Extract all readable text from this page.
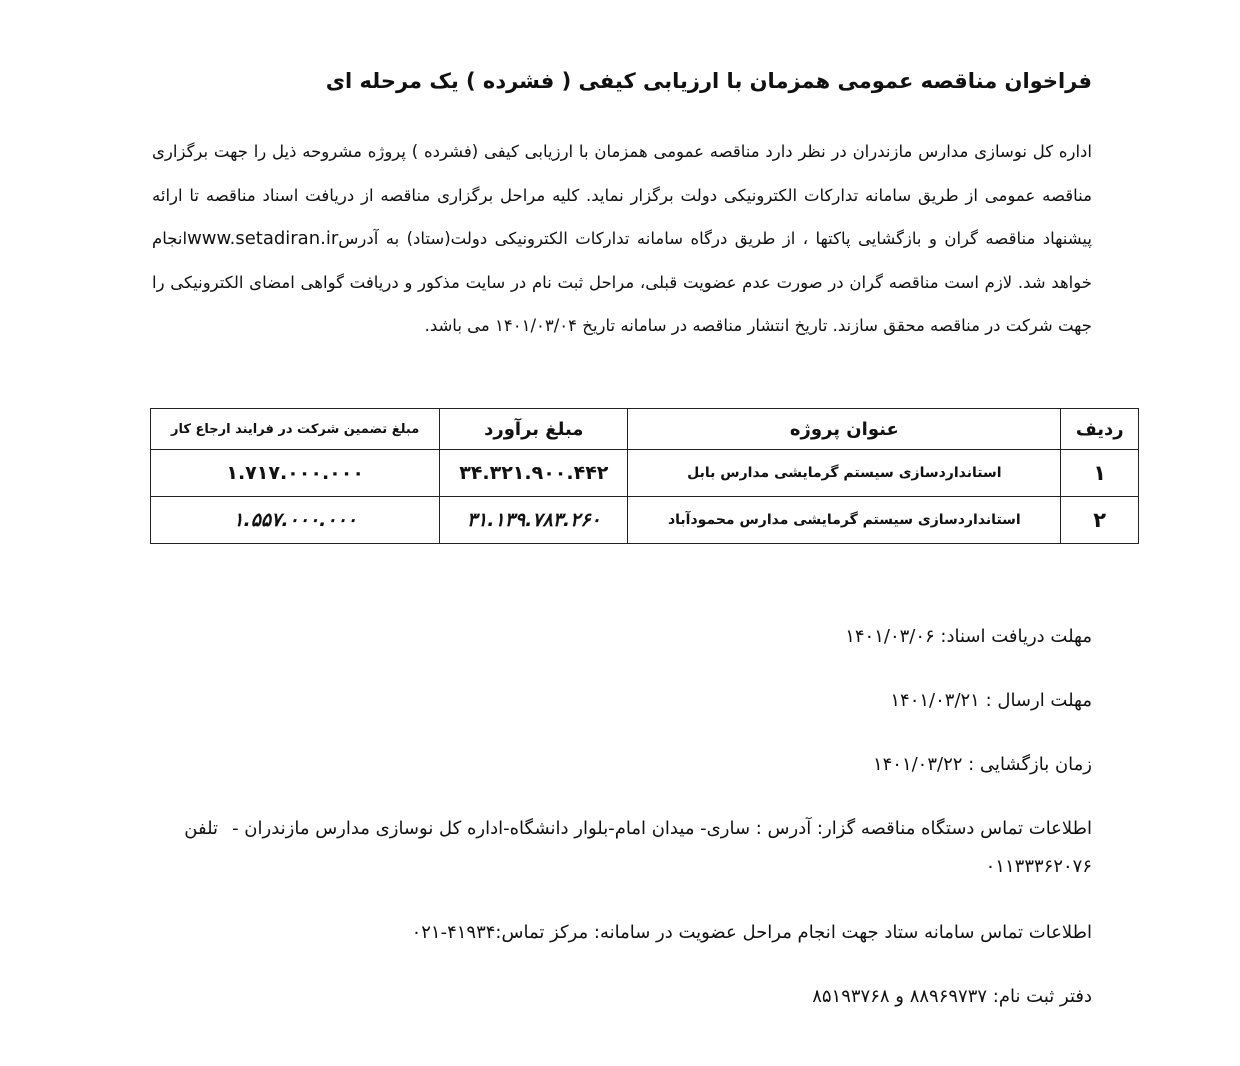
فراخوان مناقصه عمومی همزمان با ارزیابی کیفی ( فشرده ) یک مرحله ای
اداره کل نوسازی مدارس مازندران در نظر دارد مناقصه عمومی همزمان با ارزیابی کیفی (فشرده ) پروژه مشروحه ذیل را جهت برگزاری مناقصه عمومی از طریق سامانه تدارکات الکترونیکی دولت برگزار نماید. کلیه مراحل برگزاری مناقصه از دریافت اسناد مناقصه تا ارائه پیشنهاد مناقصه گران و بازگشایی پاکتها ، از طریق درگاه سامانه تدارکات الکترونیکی دولت(ستاد) به آدرسwww.setadiran.irانجام خواهد شد. لازم است مناقصه گران در صورت عدم عضویت قبلی، مراحل ثبت نام در سایت مذکور و دریافت گواهی امضای الکترونیکی را جهت شرکت در مناقصه محقق سازند. تاریخ انتشار مناقصه در سامانه تاریخ ۱۴۰۱/۰۳/۰۴ می باشد.
ردیف	عنوان پروژه	مبلغ برآورد	مبلغ تضمین شرکت در فرایند ارجاع کار
۱	استانداردسازی سیستم گرمایشی مدارس بابل	۳۴.۳۲۱.۹۰۰.۴۴۲	۱.۷۱۷.۰۰۰.۰۰۰
۲	استانداردسازی سیستم گرمایشی مدارس محمودآباد	۳۱.۱۳۹.۷۸۳.۲۶۰	۱.۵۵۷.۰۰۰.۰۰۰
مهلت دریافت اسناد: ۱۴۰۱/۰۳/۰۶
مهلت ارسال : ۱۴۰۱/۰۳/۲۱
زمان بازگشایی : ۱۴۰۱/۰۳/۲۲
اطلاعات تماس دستگاه مناقصه گزار: آدرس : ساری- میدان امام-بلوار دانشگاه-اداره کل نوسازی مدارس مازندران -تلفن
۰۱۱۳۳۳۶۲۰۷۶
اطلاعات تماس سامانه ستاد جهت انجام مراحل عضویت در سامانه: مرکز تماس:۴۱۹۳۴-۰۲۱
دفتر ثبت نام: ۸۸۹۶۹۷۳۷ و ۸۵۱۹۳۷۶۸
